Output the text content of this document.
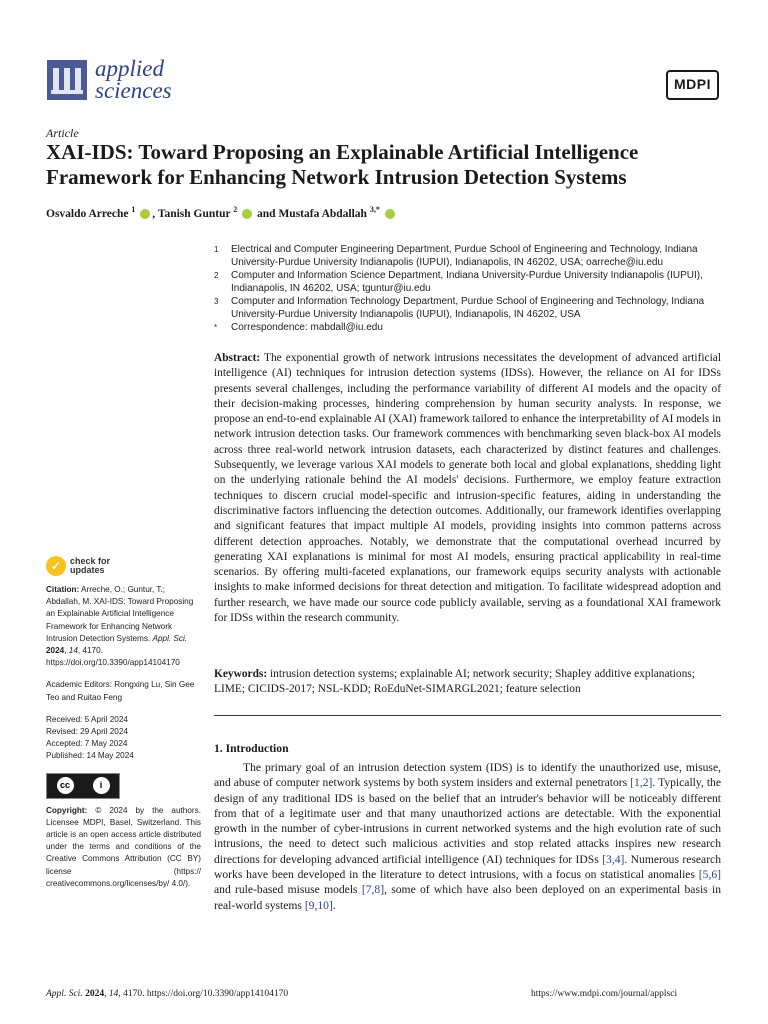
applied
sciences	MDPI
Article
XAI-IDS: Toward Proposing an Explainable Artificial Intelligence Framework for Enhancing Network Intrusion Detection Systems
Osvaldo Arreche $^1$ , Tanish Guntur $^2$  and Mustafa Abdallah $^{3,*}$
1	Electrical and Computer Engineering Department, Purdue School of Engineering and Technology, Indiana University-Purdue University Indianapolis (IUPUI), Indianapolis, IN 46202, USA; oarreche@iu.edu
2	Computer and Information Science Department, Indiana University-Purdue University Indianapolis (IUPUI), Indianapolis, IN 46202, USA; tguntur@iu.edu
3	Computer and Information Technology Department, Purdue School of Engineering and Technology, Indiana University-Purdue University Indianapolis (IUPUI), Indianapolis, IN 46202, USA
*	Correspondence: mabdall@iu.edu
Abstract: The exponential growth of network intrusions necessitates the development of advanced artificial intelligence (AI) techniques for intrusion detection systems (IDSs). However, the reliance on AI for IDSs presents several challenges, including the performance variability of different AI models and the opacity of their decision-making processes, hindering comprehension by human security analysts. In response, we propose an end-to-end explainable AI (XAI) framework tailored to enhance the interpretability of AI models in network intrusion detection tasks. Our framework commences with benchmarking seven black-box AI models across three real-world network intrusion datasets, each characterized by distinct features and challenges. Subsequently, we leverage various XAI models to generate both local and global explanations, shedding light on the underlying rationale behind the AI models' decisions. Furthermore, we employ feature extraction techniques to discern crucial model-specific and intrusion-specific features, aiding in understanding the discriminative factors influencing the detection outcomes. Additionally, our framework identifies overlapping and significant features that impact multiple AI models, providing insights into common patterns across different detection approaches. Notably, we demonstrate that the computational overhead incurred by generating XAI explanations is minimal for most AI models, ensuring practical applicability in real-time scenarios. By offering multi-faceted explanations, our framework equips security analysts with actionable insights to make informed decisions for threat detection and mitigation. To facilitate widespread adoption and further research, we have made our source code publicly available, serving as a foundational XAI framework for IDSs within the research community.
Keywords: intrusion detection systems; explainable AI; network security; Shapley additive explanations; LIME; CICIDS-2017; NSL-KDD; RoEduNet-SIMARGL2021; feature selection
✓ check for
updates
Citation: Arreche, O.; Guntur, T.; Abdallah, M. XAI-IDS: Toward Proposing an Explainable Artificial Intelligence Framework for Enhancing Network Intrusion Detection Systems. Appl. Sci. 2024, 14, 4170. https://doi.org/10.3390/app14104170
Academic Editors: Rongxing Lu, Sin Gee Teo and Ruitao Feng
Received: 5 April 2024
Revised: 29 April 2024
Accepted: 7 May 2024
Published: 14 May 2024
cc	i
Copyright: © 2024 by the authors. Licensee MDPI, Basel, Switzerland. This article is an open access article distributed under the terms and conditions of the Creative Commons Attribution (CC BY) license (https:// creativecommons.org/licenses/by/ 4.0/).
1. Introduction
The primary goal of an intrusion detection system (IDS) is to identify the unauthorized use, misuse, and abuse of computer network systems by both system insiders and external penetrators [1,2]. Typically, the design of any traditional IDS is based on the belief that an intruder's behavior will be noticeably different from that of a legitimate user and that many unauthorized actions are detectable. With the exponential growth in the number of cyber-intrusions in current networked systems and the high evolution rate of such intrusions, the need to detect such malicious activities and stop related attacks inspires new research directions for developing advanced artificial intelligence (AI) techniques for IDSs [3,4]. Numerous research works have been developed in the literature to detect intrusions, with a focus on statistical anomalies [5,6] and rule-based misuse models [7,8], some of which have also been deployed on an experimental basis in real-world systems [9,10].
Appl. Sci. 2024, 14, 4170. https://doi.org/10.3390/app14104170	https://www.mdpi.com/journal/applsci
